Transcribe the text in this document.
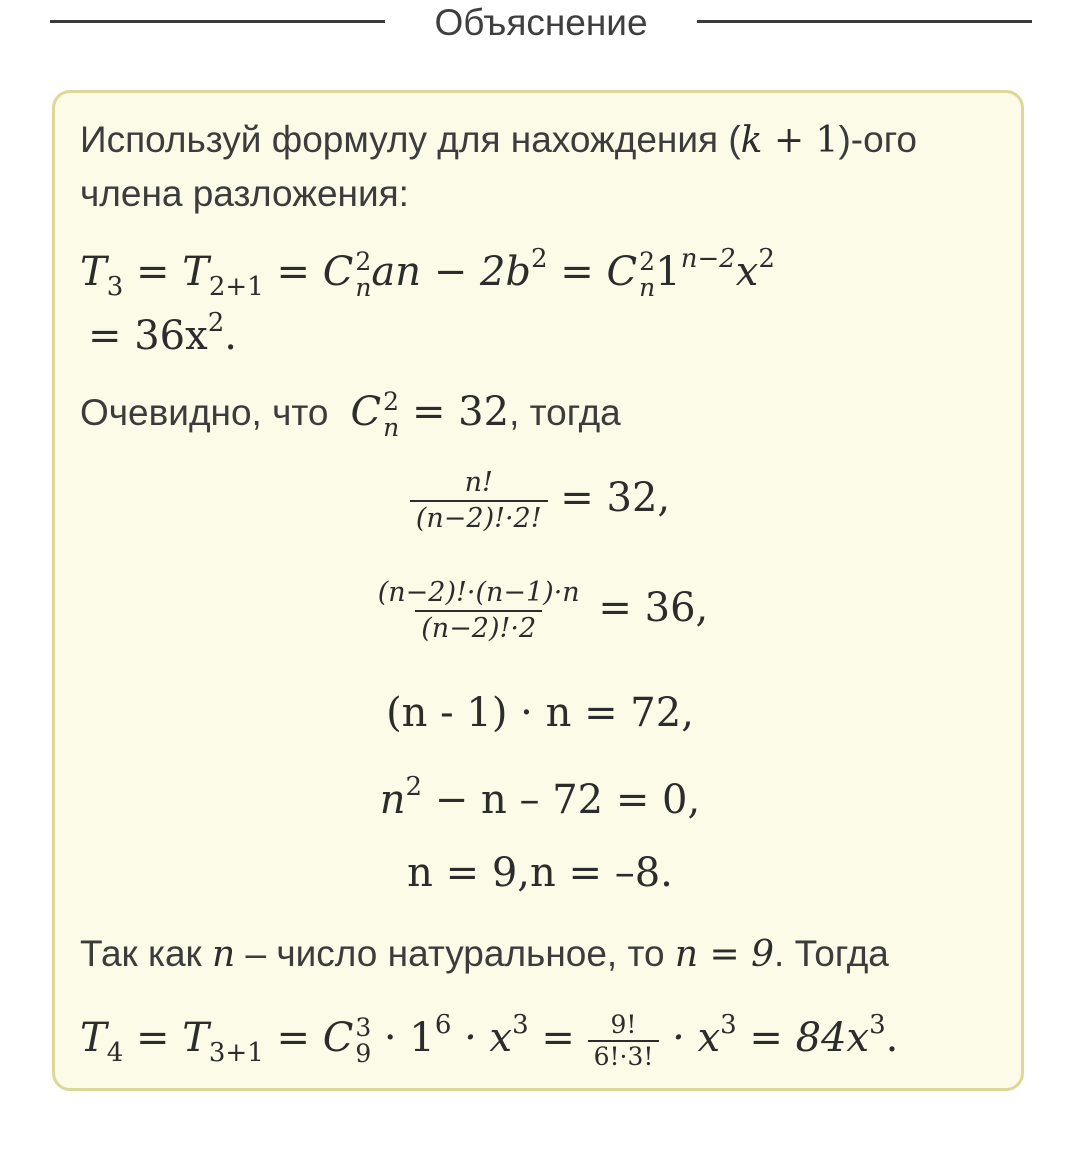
Объяснение
Используй формулу для нахождения (k + 1)-ого
члена разложения:
$T_3 = T_{2+1} = C$ 2
n an − $2b^2 = C$ 2
n $1^{n-2}x^2$
= $36x^2$.
Очевидно, что C 2
n = 32, тогда
$\frac{n!}{(n-2)!\cdot 2!} = 32$,
$\frac{(n-2)!\cdot(n-1)\cdot n}{(n-2)!\cdot 2} = 36$,
(n - 1) · n = 72,
$n^2 - n - 72 = 0$,
n = 9,n = –8.
Так как n – число натуральное, то n = 9. Тогда
$T_4 = T_{3+1} = C$ 3
$9 \cdot 1^6 \cdot x^3 = \frac{9!}{6!\cdot 3!} \cdot x^3 = 84x^3$.
